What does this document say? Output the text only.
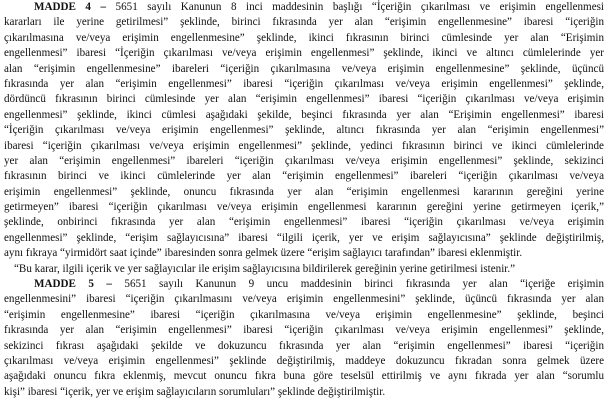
MADDE 4 – 5651 sayılı Kanunun 8 inci maddesinin başlığı “İçeriğin çıkarılması ve erişimin engellenmesi
kararları ile yerine getirilmesi” şeklinde, birinci fıkrasında yer alan “erişimin engellenmesine” ibaresi “içeriğin
çıkarılmasına ve/veya erişimin engellenmesine” şeklinde, ikinci fıkrasının birinci cümlesinde yer alan “Erişimin
engellenmesi” ibaresi “İçeriğin çıkarılması ve/veya erişimin engellenmesi” şeklinde, ikinci ve altıncı cümlelerinde yer
alan “erişimin engellenmesine” ibareleri “içeriğin çıkarılmasına ve/veya erişimin engellenmesine” şeklinde, üçüncü
fıkrasında yer alan “erişimin engellenmesi” ibaresi “içeriğin çıkarılması ve/veya erişimin engellenmesi” şeklinde,
dördüncü fıkrasının birinci cümlesinde yer alan “erişimin engellenmesi” ibaresi “içeriğin çıkarılması ve/veya erişimin
engellenmesi” şeklinde, ikinci cümlesi aşağıdaki şekilde, beşinci fıkrasında yer alan “Erişimin engellenmesi” ibaresi
“İçeriğin çıkarılması ve/veya erişimin engellenmesi” şeklinde, altıncı fıkrasında yer alan “erişimin engellenmesi”
ibaresi “içeriğin çıkarılması ve/veya erişimin engellenmesi” şeklinde, yedinci fıkrasının birinci ve ikinci cümlelerinde
yer alan “erişimin engellenmesi” ibareleri “içeriğin çıkarılması ve/veya erişimin engellenmesi” şeklinde, sekizinci
fıkrasının birinci ve ikinci cümlelerinde yer alan “erişimin engellenmesi” ibareleri “içeriğin çıkarılması ve/veya
erişimin engellenmesi” şeklinde, onuncu fıkrasında yer alan “erişimin engellenmesi kararının gereğini yerine
getirmeyen” ibaresi “içeriğin çıkarılması ve/veya erişimin engellenmesi kararının gereğini yerine getirmeyen içerik,”
şeklinde, onbirinci fıkrasında yer alan “erişimin engellenmesi” ibaresi “içeriğin çıkarılması ve/veya erişimin
engellenmesi” şeklinde, “erişim sağlayıcısına” ibaresi “ilgili içerik, yer ve erişim sağlayıcısına” şeklinde değiştirilmiş,
aynı fıkraya “yirmidört saat içinde” ibaresinden sonra gelmek üzere “erişim sağlayıcı tarafından” ibaresi eklenmiştir.
“Bu karar, ilgili içerik ve yer sağlayıcılar ile erişim sağlayıcısına bildirilerek gereğinin yerine getirilmesi istenir.”
MADDE 5 – 5651 sayılı Kanunun 9 uncu maddesinin birinci fıkrasında yer alan “içeriğe erişimin
engellenmesini” ibaresi “içeriğin çıkarılmasını ve/veya erişimin engellenmesini” şeklinde, üçüncü fıkrasında yer alan
“erişimin engellenmesine” ibaresi “içeriğin çıkarılmasına ve/veya erişimin engellenmesine” şeklinde, beşinci
fıkrasında yer alan “erişimin engellenmesi” ibaresi “içeriğin çıkarılması ve/veya erişimin engellenmesi” şeklinde,
sekizinci fıkrası aşağıdaki şekilde ve dokuzuncu fıkrasında yer alan “erişimin engellenmesi” ibaresi “içeriğin
çıkarılması ve/veya erişimin engellenmesi” şeklinde değiştirilmiş, maddeye dokuzuncu fıkradan sonra gelmek üzere
aşağıdaki onuncu fıkra eklenmiş, mevcut onuncu fıkra buna göre teselsül ettirilmiş ve aynı fıkrada yer alan “sorumlu
kişi” ibaresi “içerik, yer ve erişim sağlayıcıların sorumluları” şeklinde değiştirilmiştir.
